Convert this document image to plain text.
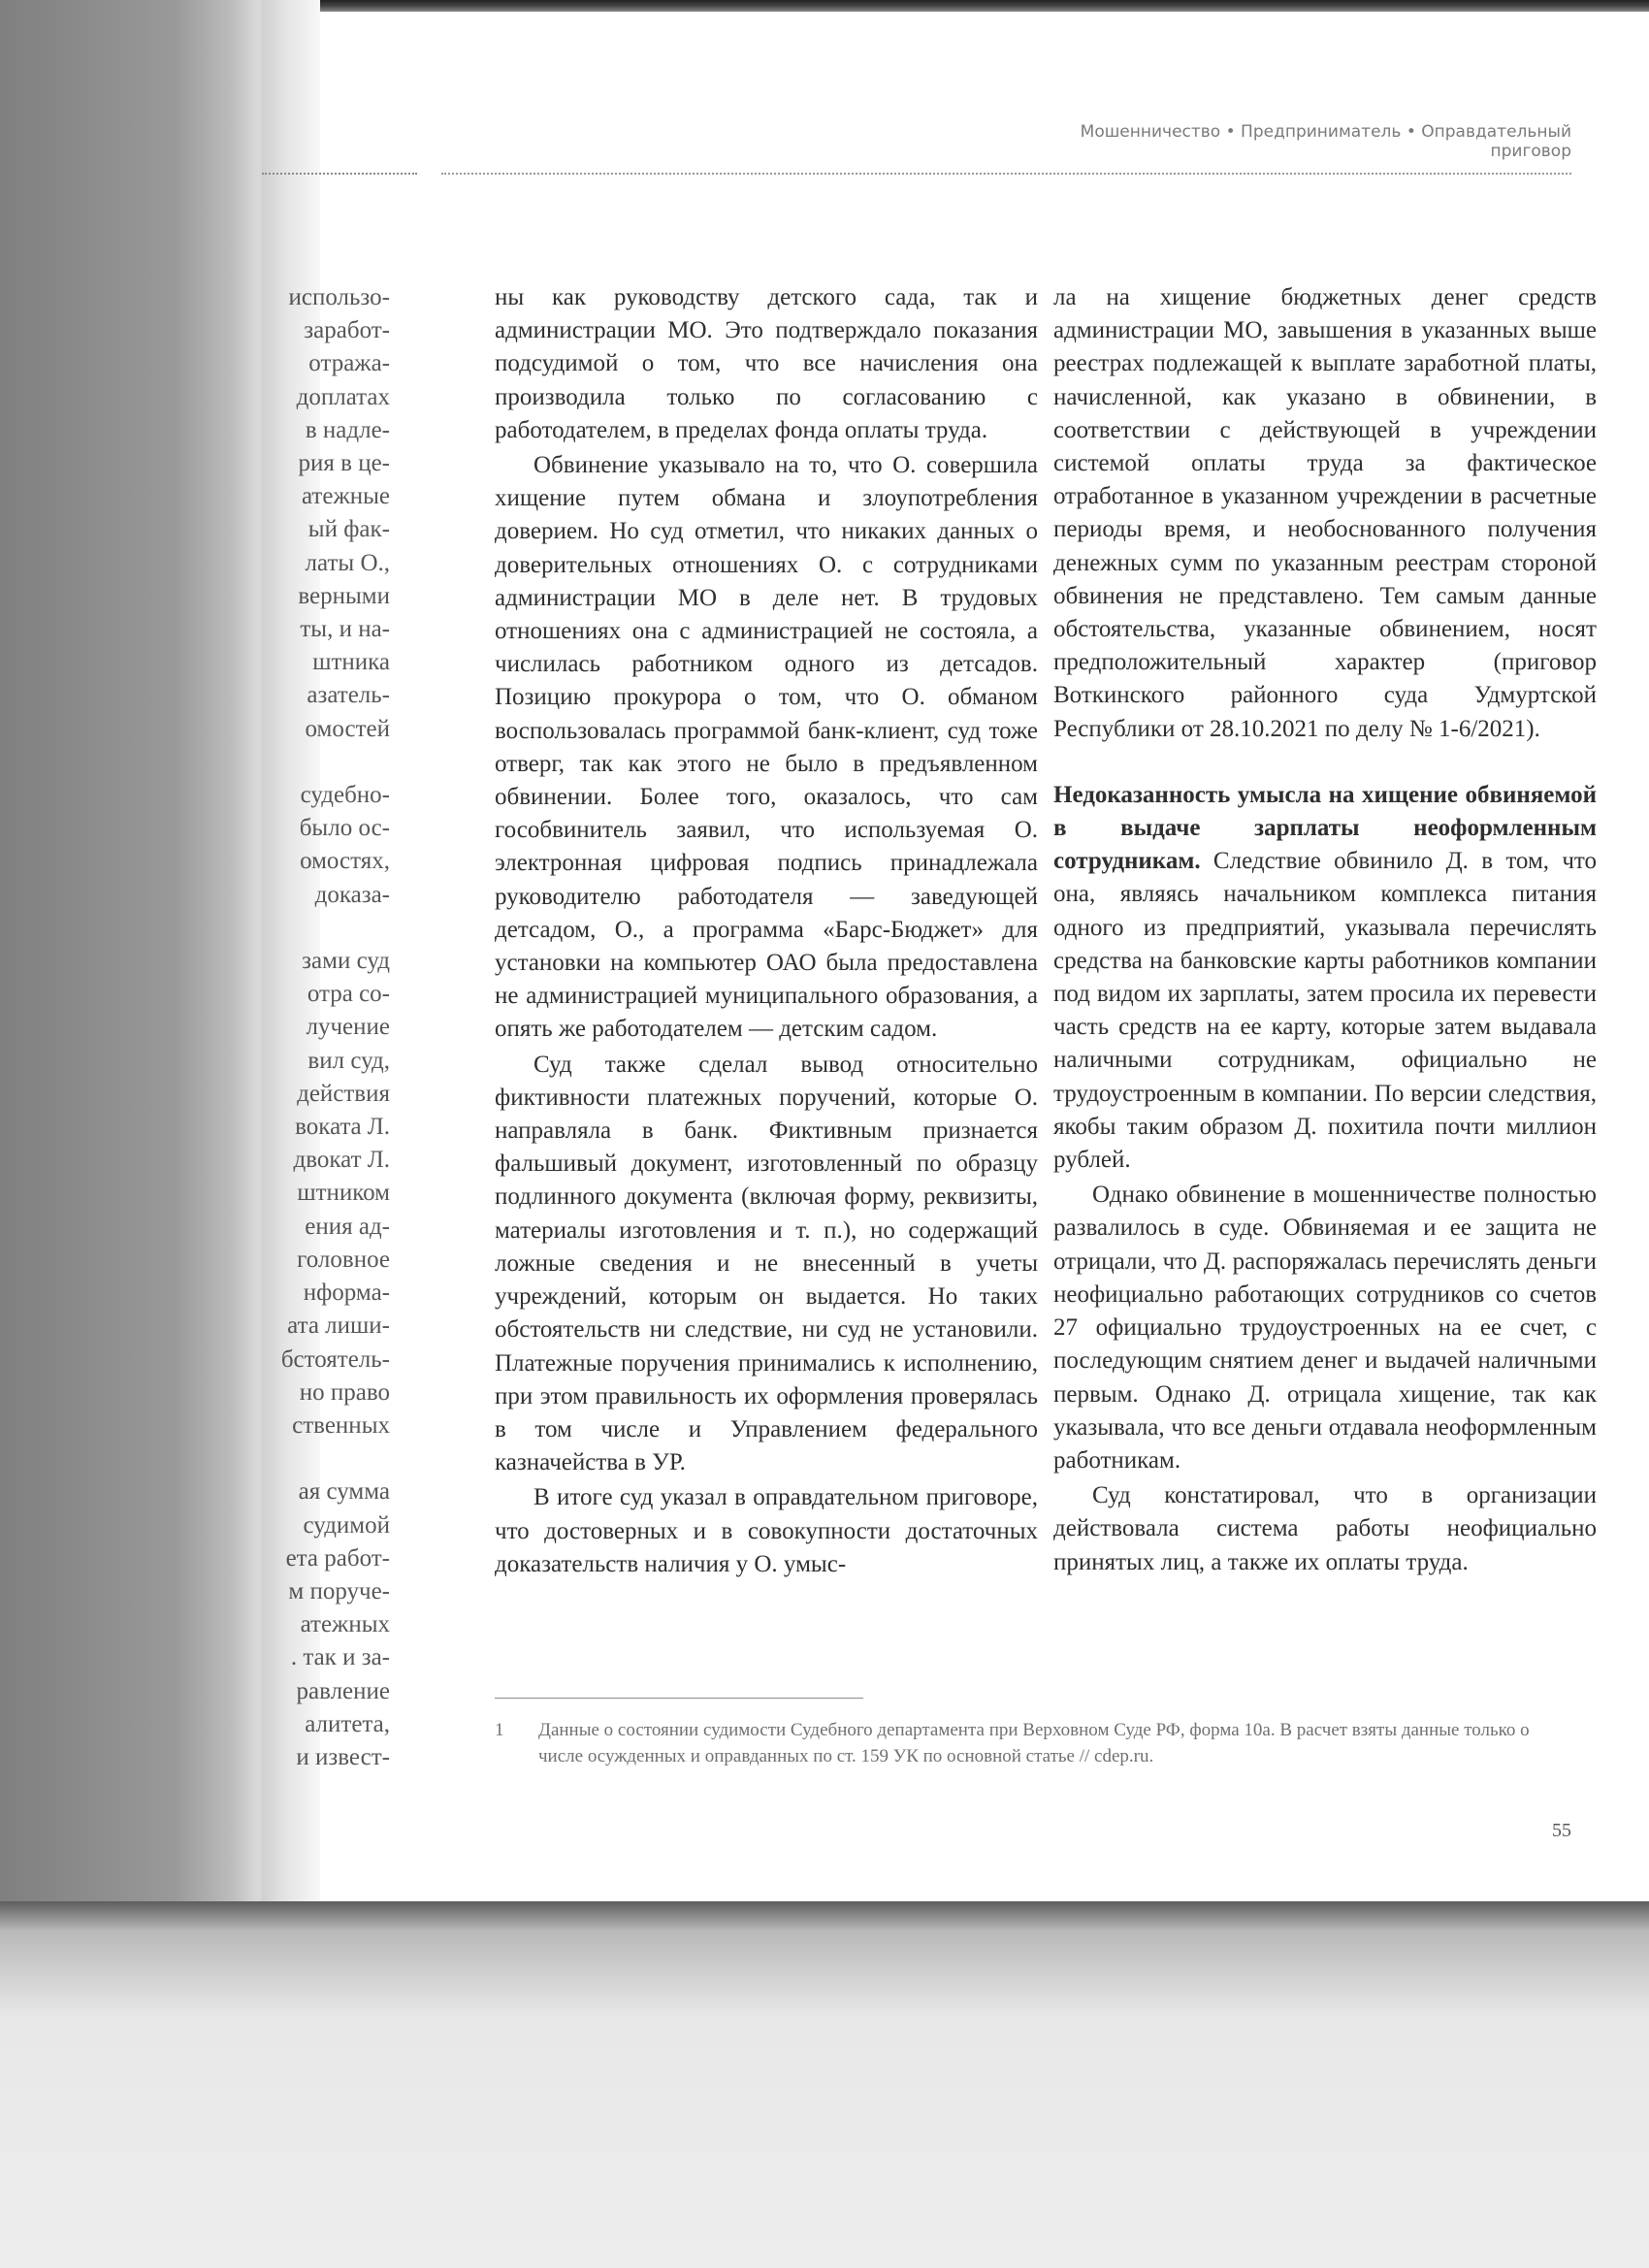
использо-
заработ-
отража-
доплатах
в надле-
рия в це-
атежные
ый фак-
латы О.,
верными
ты, и на-
штника
азатель-
омостей

судебно-
было ос-
омостях,
доказа-

зами суд
отра со-
лучение
вил суд,
действия
вокатa Л.
двокат Л.
штником
ения ад-
головное
нформа-
ата лиши-
бстоятель-
но право
ственных

ая сумма
судимой
ета работ-
м поруче-
атежных
. так и за-
равление
алитета,
и извест-
Мошенничество • Предприниматель • Оправдательный приговор

ны как руководству детского сада, так и администрации МО. Это подтверждало показания подсудимой о том, что все начисления она производила только по согласованию с работодателем, в пределах фонда оплаты труда.

Обвинение указывало на то, что О. совершила хищение путем обмана и злоупотребления доверием. Но суд отметил, что никаких данных о доверительных отношениях О. с сотрудниками администрации МО в деле нет. В трудовых отношениях она с администрацией не состояла, а числилась работником одного из детсадов. Позицию прокурора о том, что О. обманом воспользовалась программой банк-клиент, суд тоже отверг, так как этого не было в предъявленном обвинении. Более того, оказалось, что сам гособвинитель заявил, что используемая О. электронная цифровая подпись принадлежала руководителю работодателя — заведующей детсадом, О., а программа «Барс-Бюджет» для установки на компьютер ОАО была предоставлена не администрацией муниципального образования, а опять же работодателем — детским садом.

Суд также сделал вывод относительно фиктивности платежных поручений, которые О. направляла в банк. Фиктивным признается фальшивый документ, изготовленный по образцу подлинного документа (включая форму, реквизиты, материалы изготовления и т. п.), но содержащий ложные сведения и не внесенный в учеты учреждений, которым он выдается. Но таких обстоятельств ни следствие, ни суд не установили. Платежные поручения принимались к исполнению, при этом правильность их оформления проверялась в том числе и Управлением федерального казначейства в УР.

В итоге суд указал в оправдательном приговоре, что достоверных и в совокупности достаточных доказательств наличия у О. умыс-

ла на хищение бюджетных денег средств администрации МО, завышения в указанных выше реестрах подлежащей к выплате заработной платы, начисленной, как указано в обвинении, в соответствии с действующей в учреждении системой оплаты труда за фактическое отработанное в указанном учреждении в расчетные периоды время, и необоснованного получения денежных сумм по указанным реестрам стороной обвинения не представлено. Тем самым данные обстоятельства, указанные обвинением, носят предположительный характер (приговор Воткинского районного суда Удмуртской Республики от 28.10.2021 по делу № 1-6/2021).

Недоказанность умысла на хищение обвиняемой в выдаче зарплаты неоформленным сотрудникам. Следствие обвинило Д. в том, что она, являясь начальником комплекса питания одного из предприятий, указывала перечислять средства на банковские карты работников компании под видом их зарплаты, затем просила их перевести часть средств на ее карту, которые затем выдавала наличными сотрудникам, официально не трудоустроенным в компании. По версии следствия, якобы таким образом Д. похитила почти миллион рублей.

Однако обвинение в мошенничестве полностью развалилось в суде. Обвиняемая и ее защита не отрицали, что Д. распоряжалась перечислять деньги неофициально работающих сотрудников со счетов 27 официально трудоустроенных на ее счет, с последующим снятием денег и выдачей наличными первым. Однако Д. отрицала хищение, так как указывала, что все деньги отдавала неоформленным работникам.

Суд констатировал, что в организации действовала система работы неофициально принятых лиц, а также их оплаты труда.

1	Данные о состоянии судимости Судебного департамента при Верховном Суде РФ, форма 10а. В расчет взяты данные только о числе осужденных и оправданных по ст. 159 УК по основной статье // cdep.ru.
55
